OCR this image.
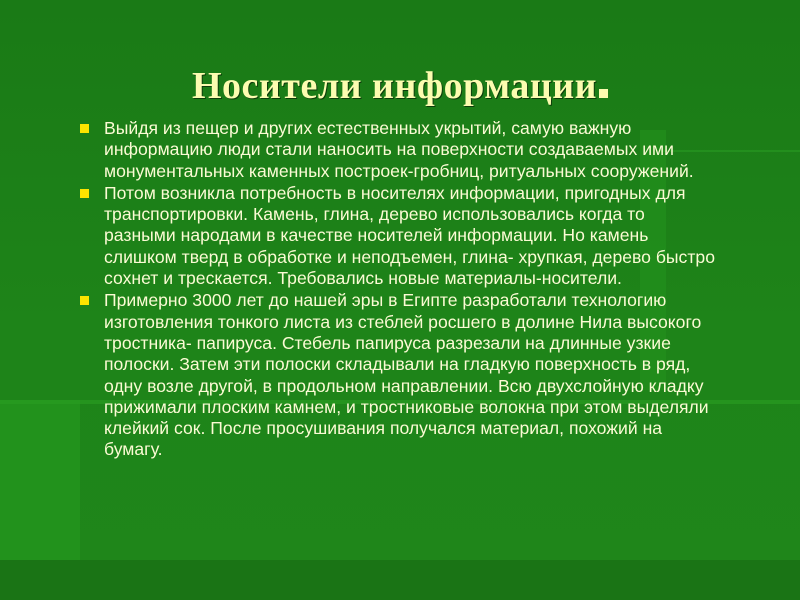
Носители информации
Выйдя из пещер и других естественных укрытий, самую важную информацию люди стали наносить на поверхности создаваемых ими монументальных каменных построек-гробниц, ритуальных сооружений.
Потом возникла потребность в носителях информации, пригодных для транспортировки. Камень, глина, дерево использовались когда то разными народами в качестве носителей информации. Но камень слишком тверд в обработке и неподъемен, глина- хрупкая, дерево быстро сохнет и трескается. Требовались новые материалы-носители.
Примерно 3000 лет до нашей эры в Египте разработали технологию изготовления тонкого листа из стеблей росшего в долине Нила высокого тростника- папируса. Стебель папируса разрезали на длинные узкие полоски. Затем эти полоски складывали на гладкую поверхность в ряд, одну возле другой, в продольном направлении. Всю двухслойную кладку прижимали плоским камнем, и тростниковые волокна при этом выделяли клейкий сок. После просушивания получался материал, похожий на бумагу.
